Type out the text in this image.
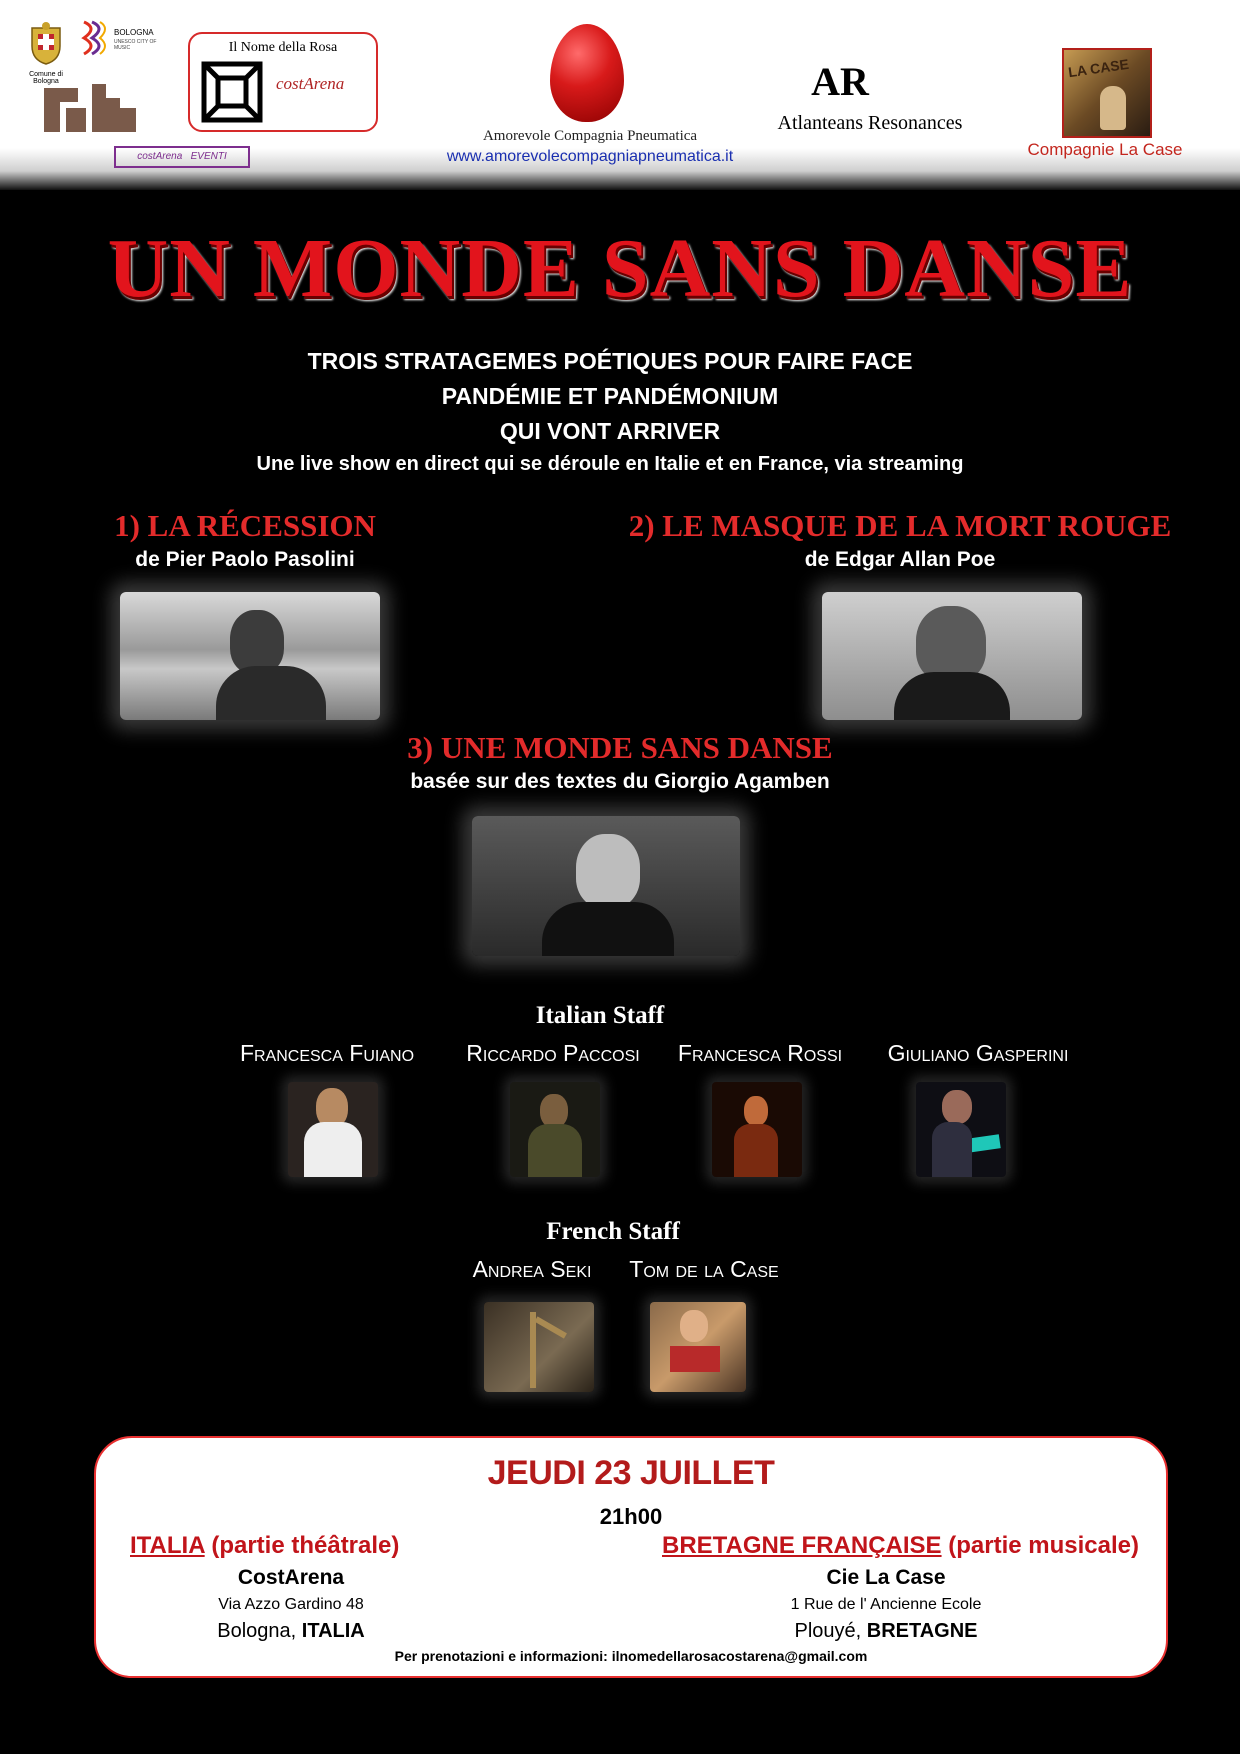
Comune di Bologna
BOLOGNA
UNESCO CITY OF MUSIC
BOLOGNA ESTATE
costArena   EVENTI
Il Nome della Rosa
costArena
Amorevole Compagnia Pneumatica
www.amorevolecompagniapneumatica.it
AR
Atlanteans Resonances
LA CASE
Compagnie La Case
UN MONDE SANS DANSE
TROIS STRATAGEMES POÉTIQUES POUR FAIRE FACE
PANDÉMIE ET PANDÉMONIUM
QUI VONT ARRIVER
Une live show en direct qui se déroule en Italie et en France, via streaming
1) LA RÉCESSION
de Pier Paolo Pasolini
2) LE MASQUE DE LA MORT ROUGE
de Edgar Allan Poe
3) UNE MONDE SANS DANSE
basée sur des textes du Giorgio Agamben
Italian Staff
Francesca Fuiano	Riccardo Paccosi	Francesca Rossi	Giuliano Gasperini
French Staff
Andrea Seki	Tom de la Case
JEUDI 23 JUILLET
21h00
ITALIA (partie théâtrale)
CostArena
Via Azzo Gardino 48
Bologna, ITALIA
BRETAGNE FRANÇAISE (partie musicale)
Cie La Case
1 Rue de l' Ancienne Ecole
Plouyé, BRETAGNE
Per prenotazioni e informazioni: ilnomedellarosacostarena@gmail.com
